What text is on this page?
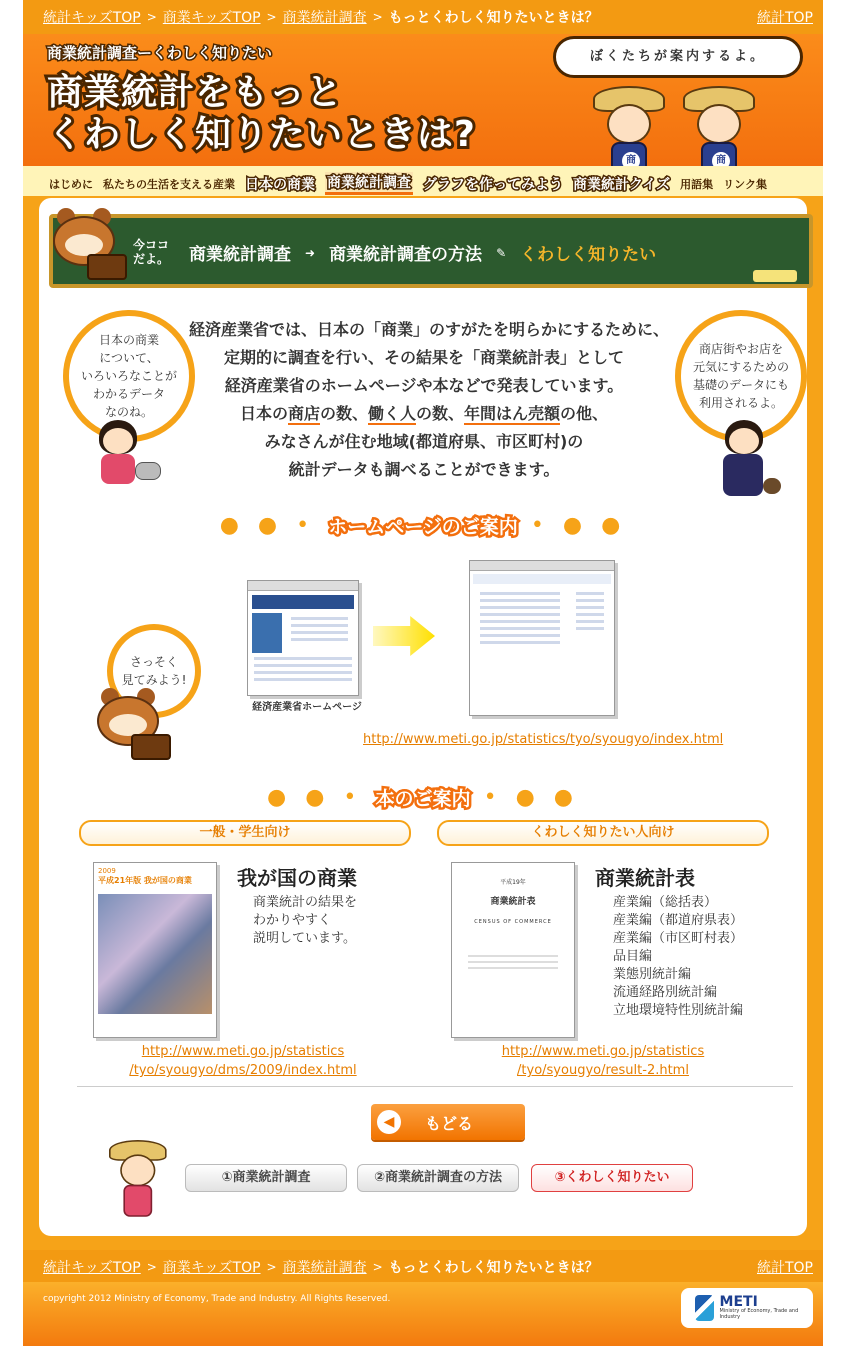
統計キッズTOP > 商業キッズTOP > 商業統計調査 > もっとくわしく知りたいときは？	統計TOP
商業統計調査ーくわしく知りたい
商業統計をもっと
くわしく知りたいときは?
ぼくたちが案内するよ。
商	商
はじめに 私たちの生活を支える産業 日本の商業 商業統計調査 グラフを作ってみよう 商業統計クイズ 用語集 リンク集
今ココ
だよ。 商業統計調査 ➜ 商業統計調査の方法 ✎ くわしく知りたい
日本の商業
について、
いろいろなことが
わかるデータ
なのね。

経済産業省では、日本の「商業」のすがたを明らかにするために、

定期的に調査を行い、その結果を「商業統計表」として

経済産業省のホームページや本などで発表しています。

日本の商店の数、働く人の数、年間はん売額の他、

みなさんが住む地域(都道府県、市区町村)の

統計データも調べることができます。

商店街やお店を
元気にするための
基礎のデータにも
利用されるよ。
● ● • ホームページのご案内 • ● ●
さっそく
見てみよう!
経済産業省ホームページ
http://www.meti.go.jp/statistics/tyo/syougyo/index.html
● ● • 本のご案内 • ● ●
一般・学生向け	くわしく知りたい人向け
2009
平成21年版 我が国の商業	我が国の商業
商業統計の結果を
わかりやすく
説明しています。
http://www.meti.go.jp/statistics
/tyo/syougyo/dms/2009/index.html
平成19年
商業統計表
CENSUS OF COMMERCE
商業統計表
産業編（総括表）
産業編（都道府県表）
産業編（市区町村表）
品目編
業態別統計編
流通経路別統計編
立地環境特性別統計編
http://www.meti.go.jp/statistics
/tyo/syougyo/result-2.html
◀	もどる
①商業統計調査	②商業統計調査の方法	③くわしく知りたい
統計キッズTOP > 商業キッズTOP > 商業統計調査 > もっとくわしく知りたいときは？	統計TOP
copyright 2012 Ministry of Economy, Trade and Industry. All Rights Reserved.	METI
Ministry of Economy, Trade and Industry
